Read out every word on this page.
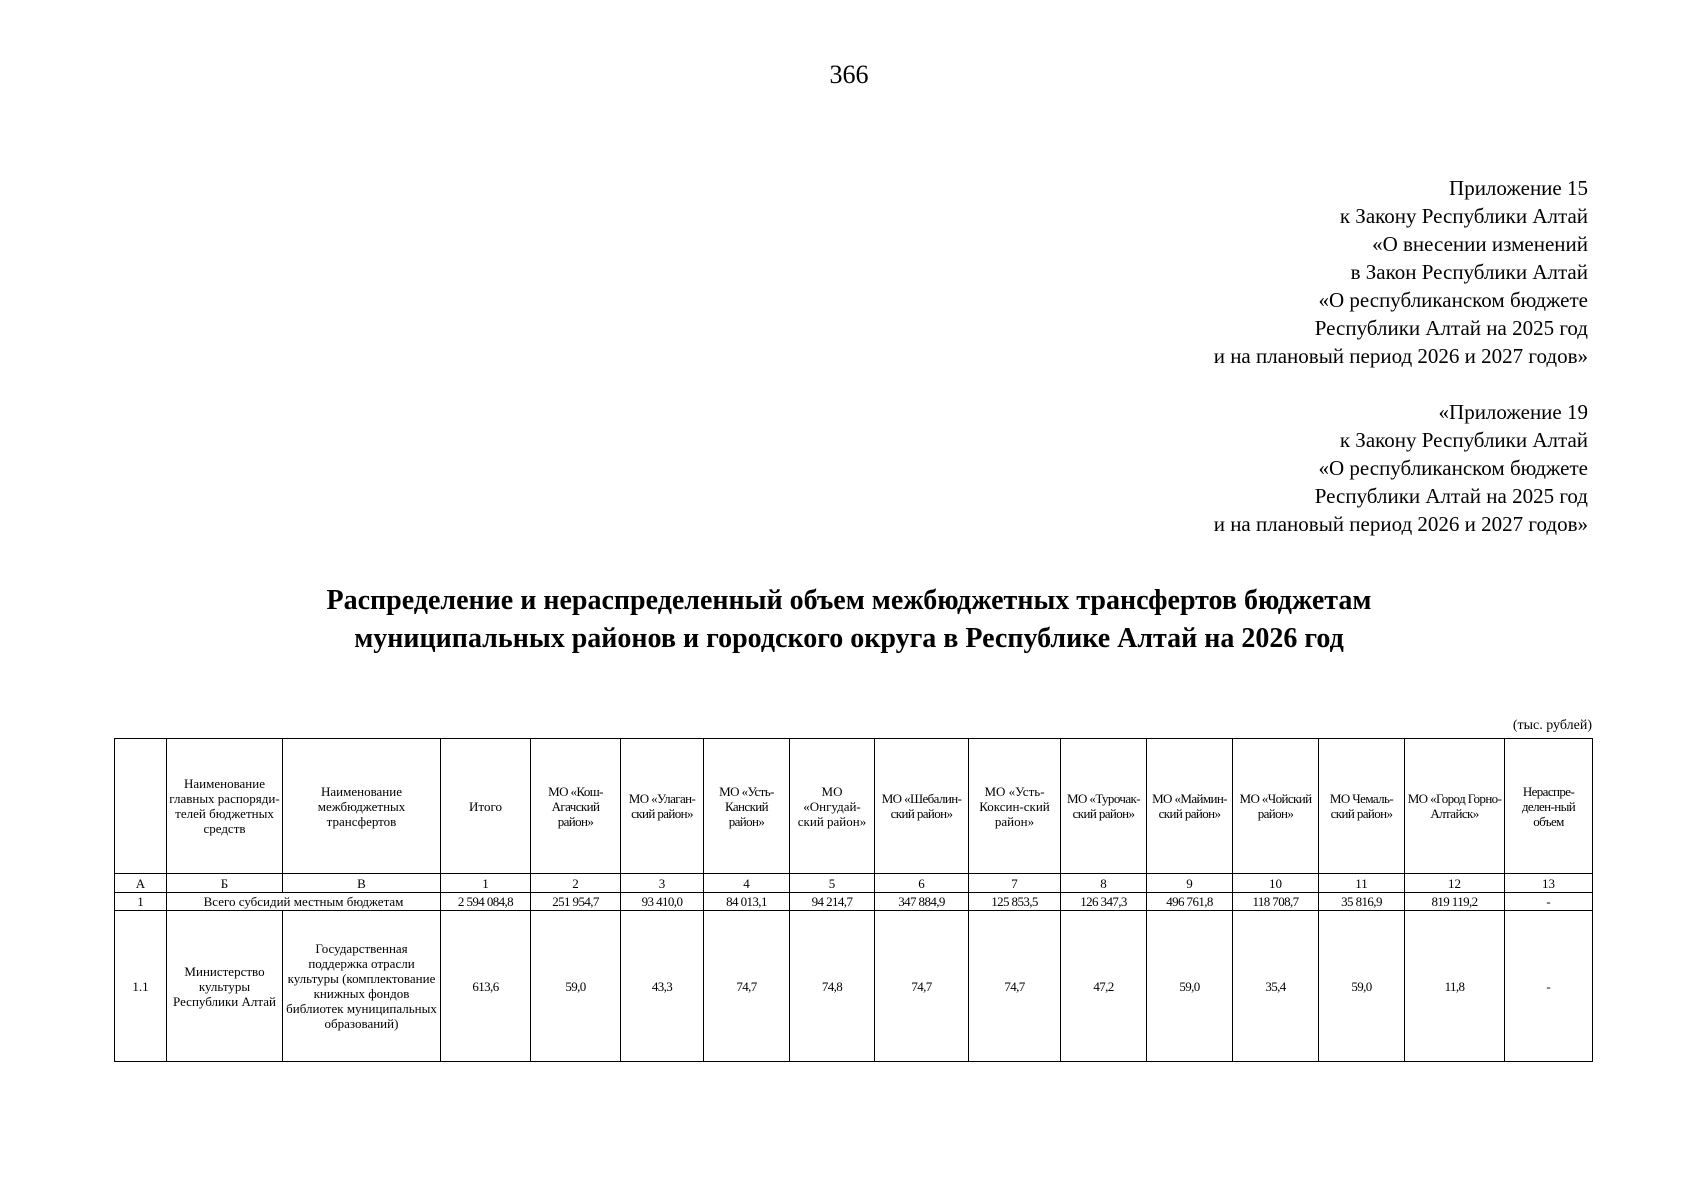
366
Приложение 15
к Закону Республики Алтай
«О внесении изменений
в Закон Республики Алтай
«О республиканском бюджете
Республики Алтай на 2025 год
и на плановый период 2026 и 2027 годов»
«Приложение 19
к Закону Республики Алтай
«О республиканском бюджете
Республики Алтай на 2025 год
и на плановый период 2026 и 2027 годов»
Распределение и нераспределенный объем межбюджетных трансфертов бюджетам
муниципальных районов и городского округа в Республике Алтай на 2026 год
(тыс. рублей)
	Наименование главных распоряди-телей бюджетных средств	Наименование межбюджетных трансфертов	Итого	МО «Кош-Агачский район»	МО «Улаган-ский район»	МО «Усть-Канский район»	МО «Онгудай-ский район»	МО «Шебалин-ский район»	МО «Усть-Коксин-ский район»	МО «Турочак-ский район»	МО «Маймин-ский район»	МО «Чойский район»	МО Чемаль-ский район»	МО «Город Горно-Алтайск»	Нераспре-делен-ный объем
А	Б	В	1	2	3	4	5	6	7	8	9	10	11	12	13
1	Всего субсидий местным бюджетам		2 594 084,8	251 954,7	93 410,0	84 013,1	94 214,7	347 884,9	125 853,5	126 347,3	496 761,8	118 708,7	35 816,9	819 119,2	-
1.1	Министерство культуры Республики Алтай	Государственная поддержка отрасли культуры (комплектование книжных фондов библиотек муниципальных образований)	613,6	59,0	43,3	74,7	74,8	74,7	74,7	47,2	59,0	35,4	59,0	11,8	-
